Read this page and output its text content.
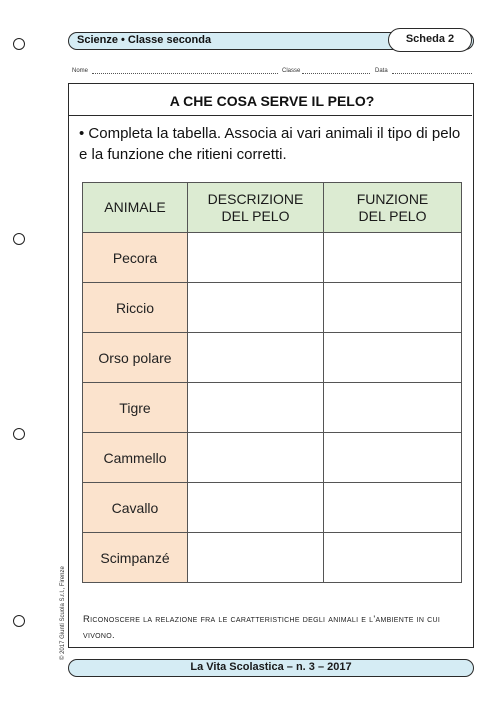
Scienze • Classe seconda	Scheda 2
Nome	Classe	Data
A CHE COSA SERVE IL PELO?
• Completa la tabella. Associa ai vari animali il tipo di pelo e la funzione che ritieni corretti.
ANIMALE	DESCRIZIONE DEL PELO	FUNZIONE DEL PELO
Pecora		
Riccio		
Orso polare		
Tigre		
Cammello		
Cavallo		
Scimpanzé		
Riconoscere la relazione fra le caratteristiche degli animali e l'ambiente in cui vivono.
© 2017 Giunti Scuola S.r.l., Firenze
La Vita Scolastica – n. 3 – 2017
